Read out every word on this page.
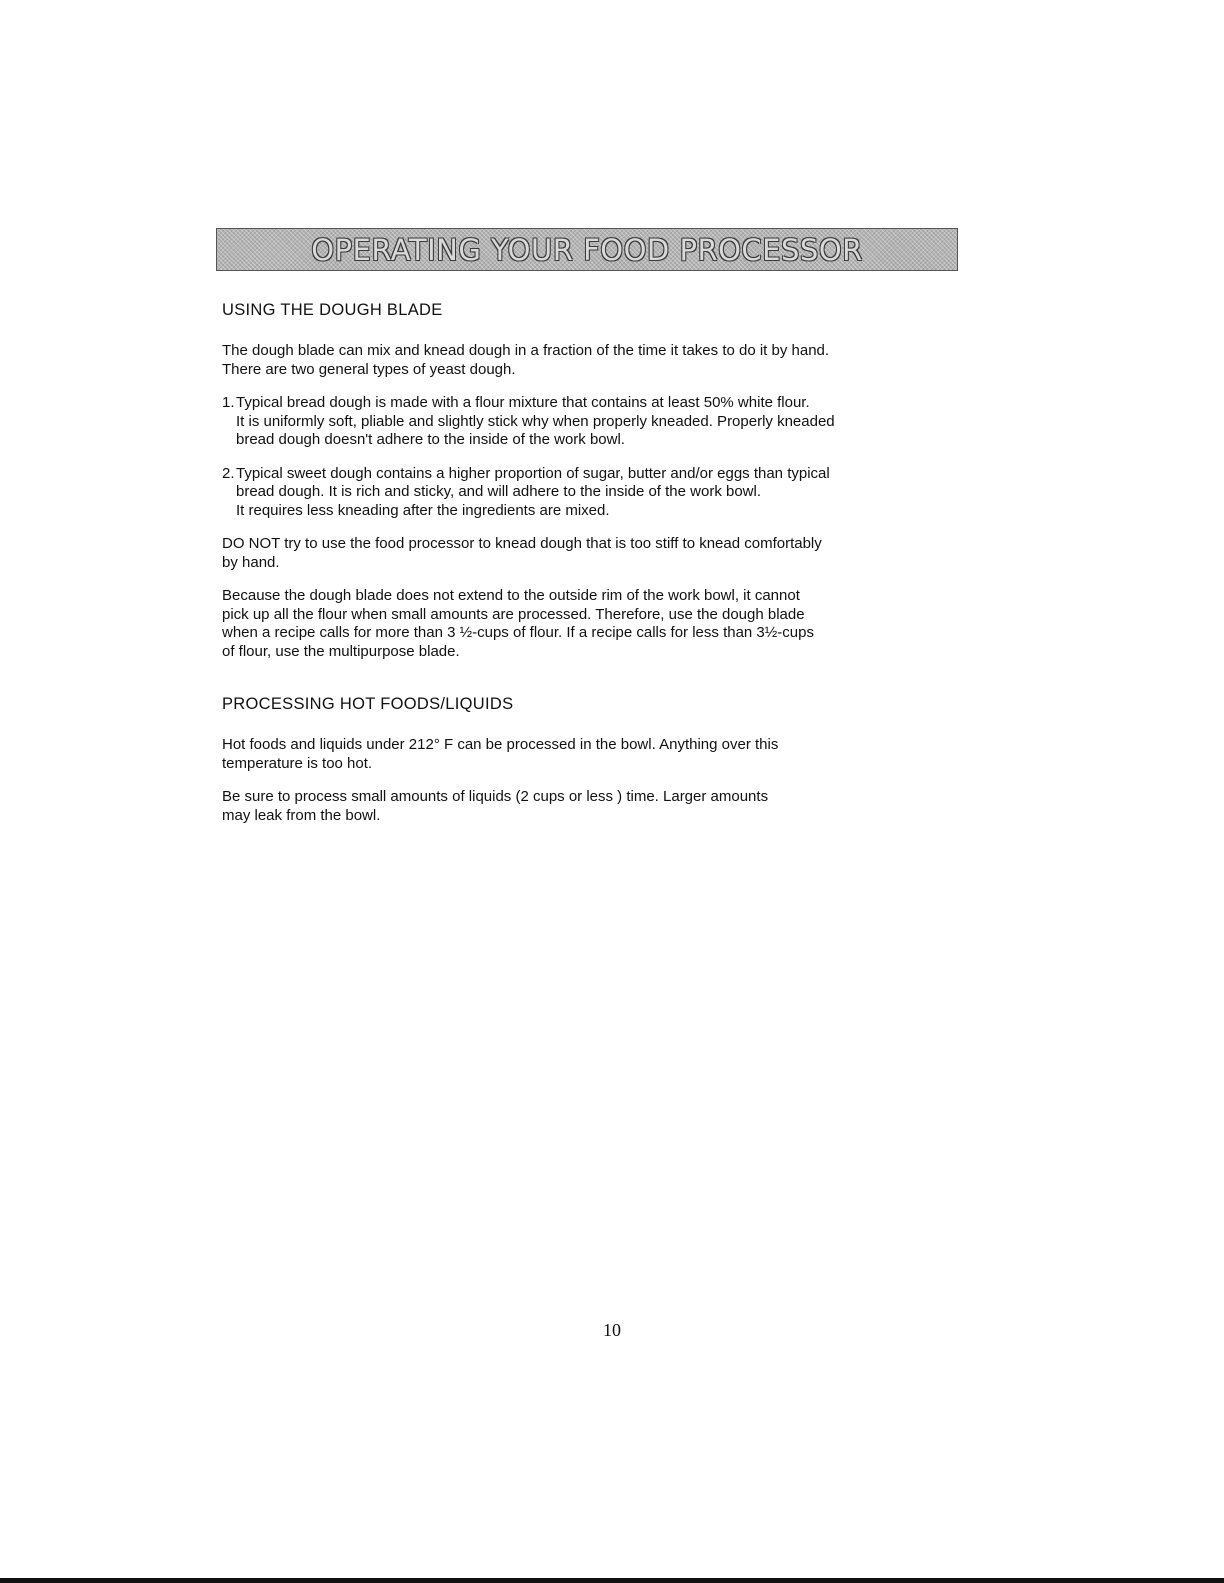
OPERATING YOUR FOOD PROCESSOR
USING THE DOUGH BLADE
The dough blade can mix and knead dough in a fraction of the time it takes to do it by hand.
There are two general types of yeast dough.
1. Typical bread dough is made with a flour mixture that contains at least 50% white flour.
It is uniformly soft, pliable and slightly stick why when properly kneaded. Properly kneaded
bread dough doesn't adhere to the inside of the work bowl.
2. Typical sweet dough contains a higher proportion of sugar, butter and/or eggs than typical
bread dough. It is rich and sticky, and will adhere to the inside of the work bowl.
It requires less kneading after the ingredients are mixed.
DO NOT try to use the food processor to knead dough that is too stiff to knead comfortably
by hand.
Because the dough blade does not extend to the outside rim of the work bowl, it cannot
pick up all the flour when small amounts are processed. Therefore, use the dough blade
when a recipe calls for more than 3 ½-cups of flour. If a recipe calls for less than 3½-cups
of flour, use the multipurpose blade.
PROCESSING HOT FOODS/LIQUIDS
Hot foods and liquids under 212° F can be processed in the bowl. Anything over this
temperature is too hot.
Be sure to process small amounts of liquids (2 cups or less ) time. Larger amounts
may leak from the bowl.
10
